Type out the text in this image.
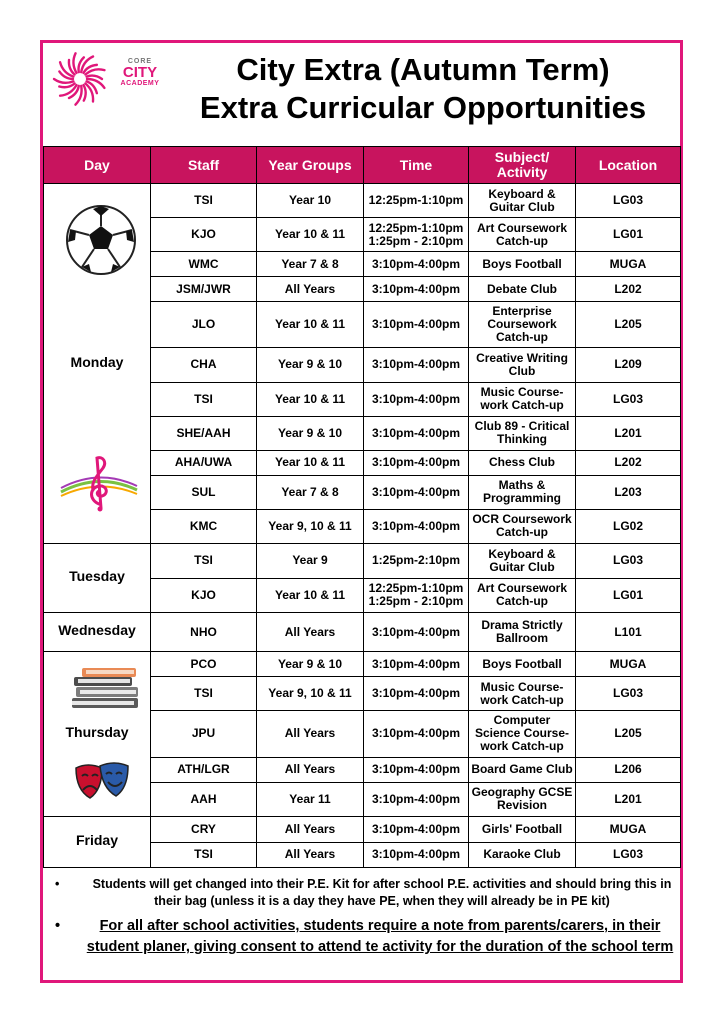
CORE
CITY
ACADEMY	City Extra (Autumn Term)
Extra Curricular Opportunities
Day	Staff	Year Groups	Time	Subject/ Activity	Location

Monday	TSI	Year 10	12:25pm-1:10pm	Keyboard & Guitar Club	LG03

	KJO	Year 10 & 11	12:25pm-1:10pm
1:25pm - 2:10pm	Art Coursework Catch-up	LG01

	WMC	Year 7 & 8	3:10pm-4:00pm	Boys Football	MUGA

	JSM/JWR	All Years	3:10pm-4:00pm	Debate Club	L202

	JLO	Year 10 & 11	3:10pm-4:00pm	Enterprise Coursework Catch-up	L205

	CHA	Year 9 & 10	3:10pm-4:00pm	Creative Writing Club	L209

	TSI	Year 10 & 11	3:10pm-4:00pm	Music Course-work Catch-up	LG03

	SHE/AAH	Year 9 & 10	3:10pm-4:00pm	Club 89 - Critical Thinking	L201

	AHA/UWA	Year 10 & 11	3:10pm-4:00pm	Chess Club	L202

	SUL	Year 7 & 8	3:10pm-4:00pm	Maths & Programming	L203

	KMC	Year 9, 10 & 11	3:10pm-4:00pm	OCR Coursework Catch-up	LG02

Tuesday	TSI	Year 9	1:25pm-2:10pm	Keyboard & Guitar Club	LG03

	KJO	Year 10 & 11	12:25pm-1:10pm
1:25pm - 2:10pm	Art Coursework Catch-up	LG01

Wednesday	NHO	All Years	3:10pm-4:00pm	Drama Strictly Ballroom	L101

Thursday	PCO	Year 9 & 10	3:10pm-4:00pm	Boys Football	MUGA

	TSI	Year 9, 10 & 11	3:10pm-4:00pm	Music Course-work Catch-up	LG03

	JPU	All Years	3:10pm-4:00pm	Computer Science Course-work Catch-up	L205

	ATH/LGR	All Years	3:10pm-4:00pm	Board Game Club	L206

	AAH	Year 11	3:10pm-4:00pm	Geography GCSE Revision	L201

Friday	CRY	All Years	3:10pm-4:00pm	Girls' Football	MUGA

	TSI	All Years	3:10pm-4:00pm	Karaoke Club	LG03
•	Students will get changed into their P.E. Kit for after school P.E. activities and should bring this in their bag (unless it is a day they have PE, when they will already be in PE kit)
•	For all after school activities, students require a note from parents/carers, in their student planer, giving consent to attend te activity for the duration of the school term
